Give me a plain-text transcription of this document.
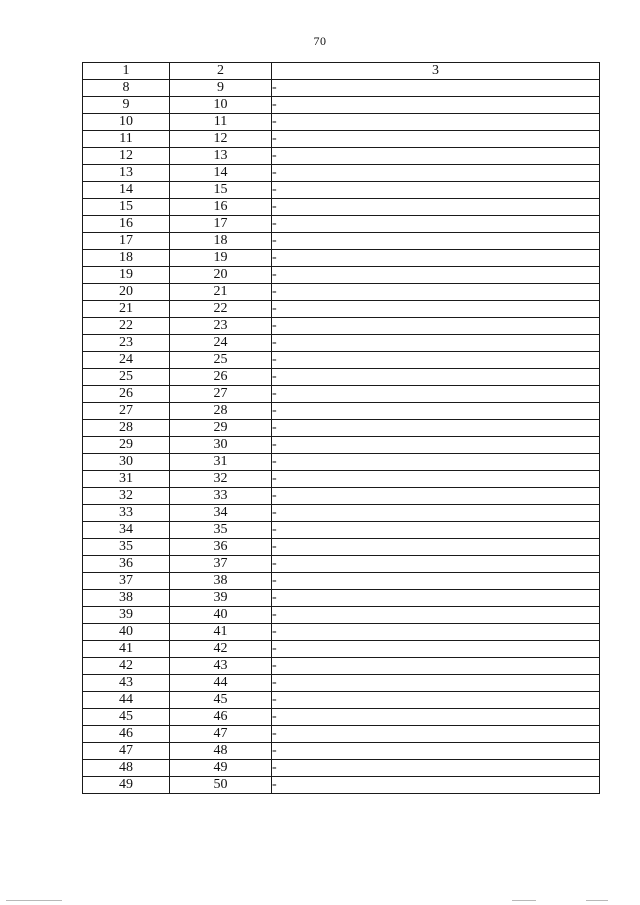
70
1	2	3
8	9	-
9	10	-
10	11	-
11	12	-
12	13	-
13	14	-
14	15	-
15	16	-
16	17	-
17	18	-
18	19	-
19	20	-
20	21	-
21	22	-
22	23	-
23	24	-
24	25	-
25	26	-
26	27	-
27	28	-
28	29	-
29	30	-
30	31	-
31	32	-
32	33	-
33	34	-
34	35	-
35	36	-
36	37	-
37	38	-
38	39	-
39	40	-
40	41	-
41	42	-
42	43	-
43	44	-
44	45	-
45	46	-
46	47	-
47	48	-
48	49	-
49	50	-
